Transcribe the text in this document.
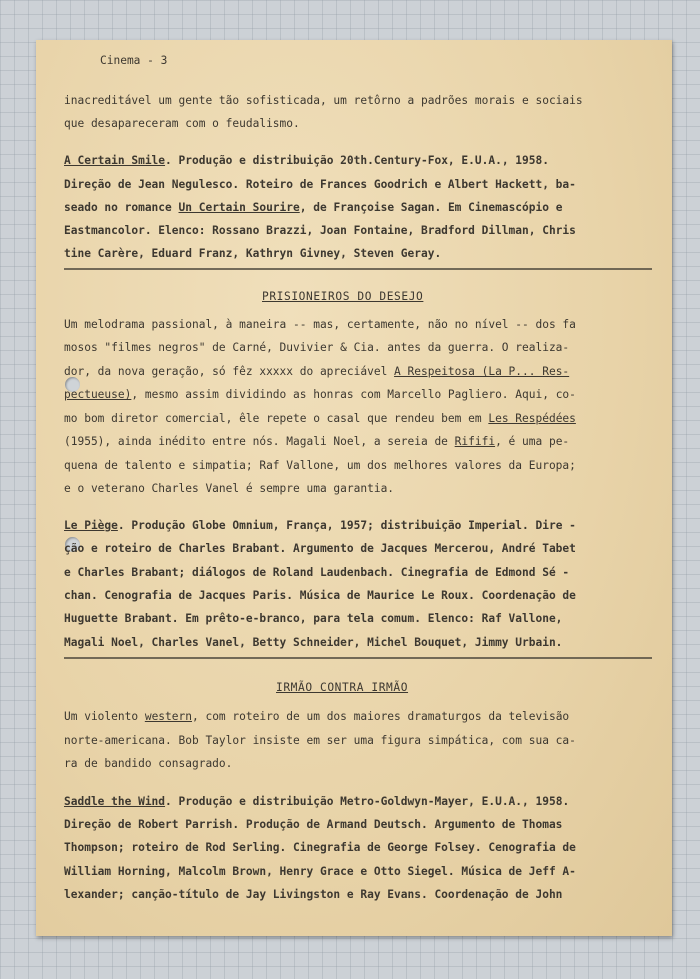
Cinema - 3
inacreditável um gente tão sofisticada, um retôrno a padrões morais e sociais
que desapareceram com o feudalismo.
A Certain Smile. Produção e distribuição 20th.Century-Fox, E.U.A., 1958.
Direção de Jean Negulesco. Roteiro de Frances Goodrich e Albert Hackett, ba-
seado no romance Un Certain Sourire, de Françoise Sagan. Em Cinemascópio e
Eastmancolor. Elenco: Rossano Brazzi, Joan Fontaine, Bradford Dillman, Chris
tine Carère, Eduard Franz, Kathryn Givney, Steven Geray.
PRISIONEIROS DO DESEJO
Um melodrama passional, à maneira -- mas, certamente, não no nível -- dos fa
mosos "filmes negros" de Carné, Duvivier & Cia. antes da guerra. O realiza-
dor, da nova geração, só fêz xxxxx do apreciável A Respeitosa (La P... Res-
pectueuse), mesmo assim dividindo as honras com Marcello Pagliero. Aqui, co-
mo bom diretor comercial, êle repete o casal que rendeu bem em Les Respédées
(1955), ainda inédito entre nós. Magali Noel, a sereia de Rififi, é uma pe-
quena de talento e simpatia; Raf Vallone, um dos melhores valores da Europa;
e o veterano Charles Vanel é sempre uma garantia.
Le Piège. Produção Globe Omnium, França, 1957; distribuição Imperial. Dire -
ção e roteiro de Charles Brabant. Argumento de Jacques Mercerou, André Tabet
e Charles Brabant; diálogos de Roland Laudenbach. Cinegrafia de Edmond Sé -
chan. Cenografia de Jacques Paris. Música de Maurice Le Roux. Coordenação de
Huguette Brabant. Em prêto-e-branco, para tela comum. Elenco: Raf Vallone,
Magali Noel, Charles Vanel, Betty Schneider, Michel Bouquet, Jimmy Urbain.
IRMÃO CONTRA IRMÃO
Um violento western, com roteiro de um dos maiores dramaturgos da televisão
norte-americana. Bob Taylor insiste em ser uma figura simpática, com sua ca-
ra de bandido consagrado.
Saddle the Wind. Produção e distribuição Metro-Goldwyn-Mayer, E.U.A., 1958.
Direção de Robert Parrish. Produção de Armand Deutsch. Argumento de Thomas
Thompson; roteiro de Rod Serling. Cinegrafia de George Folsey. Cenografia de
William Horning, Malcolm Brown, Henry Grace e Otto Siegel. Música de Jeff A-
lexander; canção-título de Jay Livingston e Ray Evans. Coordenação de John
